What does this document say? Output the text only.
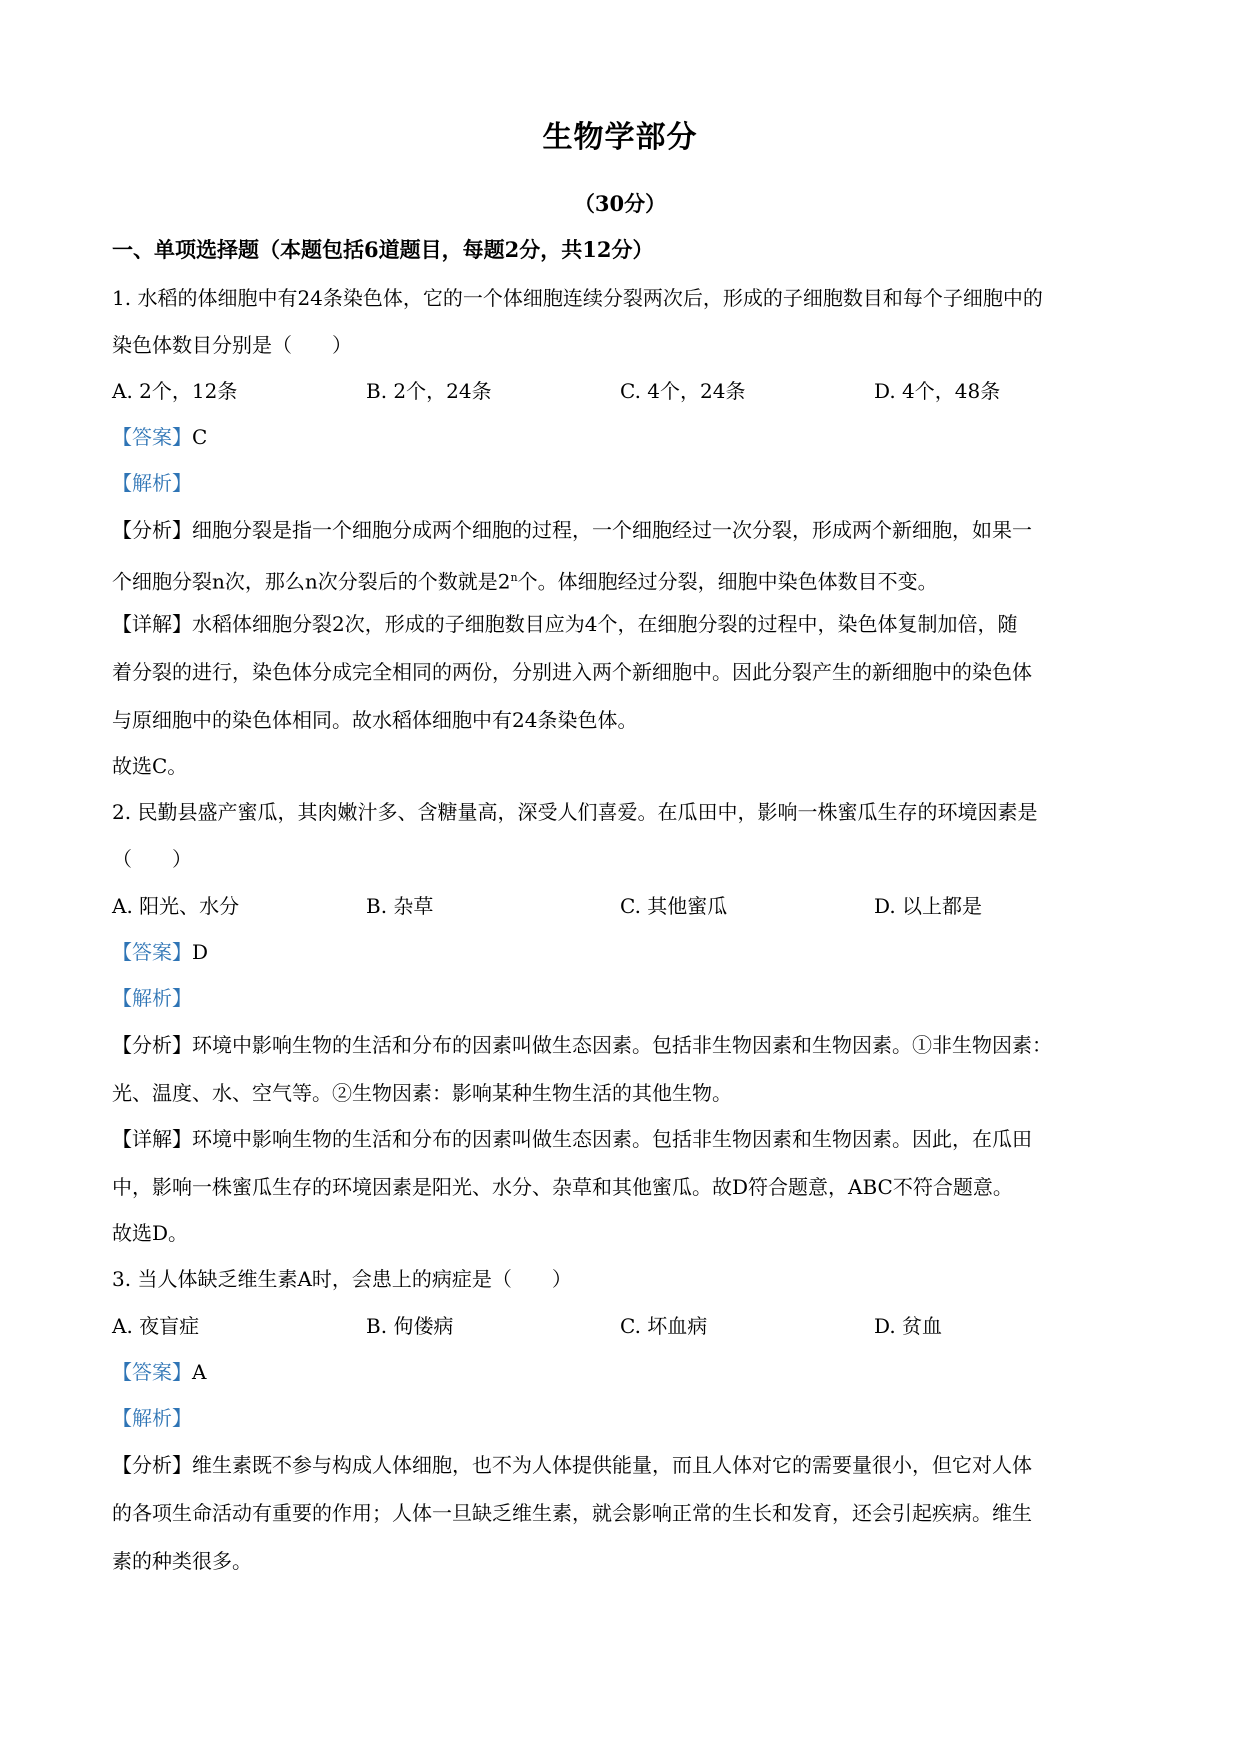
生物学部分
（30分）
一、单项选择题（本题包括6道题目，每题2分，共12分）
1. 水稻的体细胞中有24条染色体，它的一个体细胞连续分裂两次后，形成的子细胞数目和每个子细胞中的
染色体数目分别是（　　）
A. 2个，12条	B. 2个，24条	C. 4个，24条	D. 4个，48条
【答案】C
【解析】
【分析】细胞分裂是指一个细胞分成两个细胞的过程，一个细胞经过一次分裂，形成两个新细胞，如果一
个细胞分裂n次，那么n次分裂后的个数就是2$^n$个。体细胞经过分裂，细胞中染色体数目不变。
【详解】水稻体细胞分裂2次，形成的子细胞数目应为4个，在细胞分裂的过程中，染色体复制加倍，随
着分裂的进行，染色体分成完全相同的两份，分别进入两个新细胞中。因此分裂产生的新细胞中的染色体
与原细胞中的染色体相同。故水稻体细胞中有24条染色体。
故选C。
2. 民勤县盛产蜜瓜，其肉嫩汁多、含糖量高，深受人们喜爱。在瓜田中，影响一株蜜瓜生存的环境因素是
（　　）
A. 阳光、水分	B. 杂草	C. 其他蜜瓜	D. 以上都是
【答案】D
【解析】
【分析】环境中影响生物的生活和分布的因素叫做生态因素。包括非生物因素和生物因素。①非生物因素：
光、温度、水、空气等。②生物因素：影响某种生物生活的其他生物。
【详解】环境中影响生物的生活和分布的因素叫做生态因素。包括非生物因素和生物因素。因此，在瓜田
中，影响一株蜜瓜生存的环境因素是阳光、水分、杂草和其他蜜瓜。故D符合题意，ABC不符合题意。
故选D。
3. 当人体缺乏维生素A时，会患上的病症是（　　）
A. 夜盲症	B. 佝偻病	C. 坏血病	D. 贫血
【答案】A
【解析】
【分析】维生素既不参与构成人体细胞，也不为人体提供能量，而且人体对它的需要量很小，但它对人体
的各项生命活动有重要的作用；人体一旦缺乏维生素，就会影响正常的生长和发育，还会引起疾病。维生
素的种类很多。
